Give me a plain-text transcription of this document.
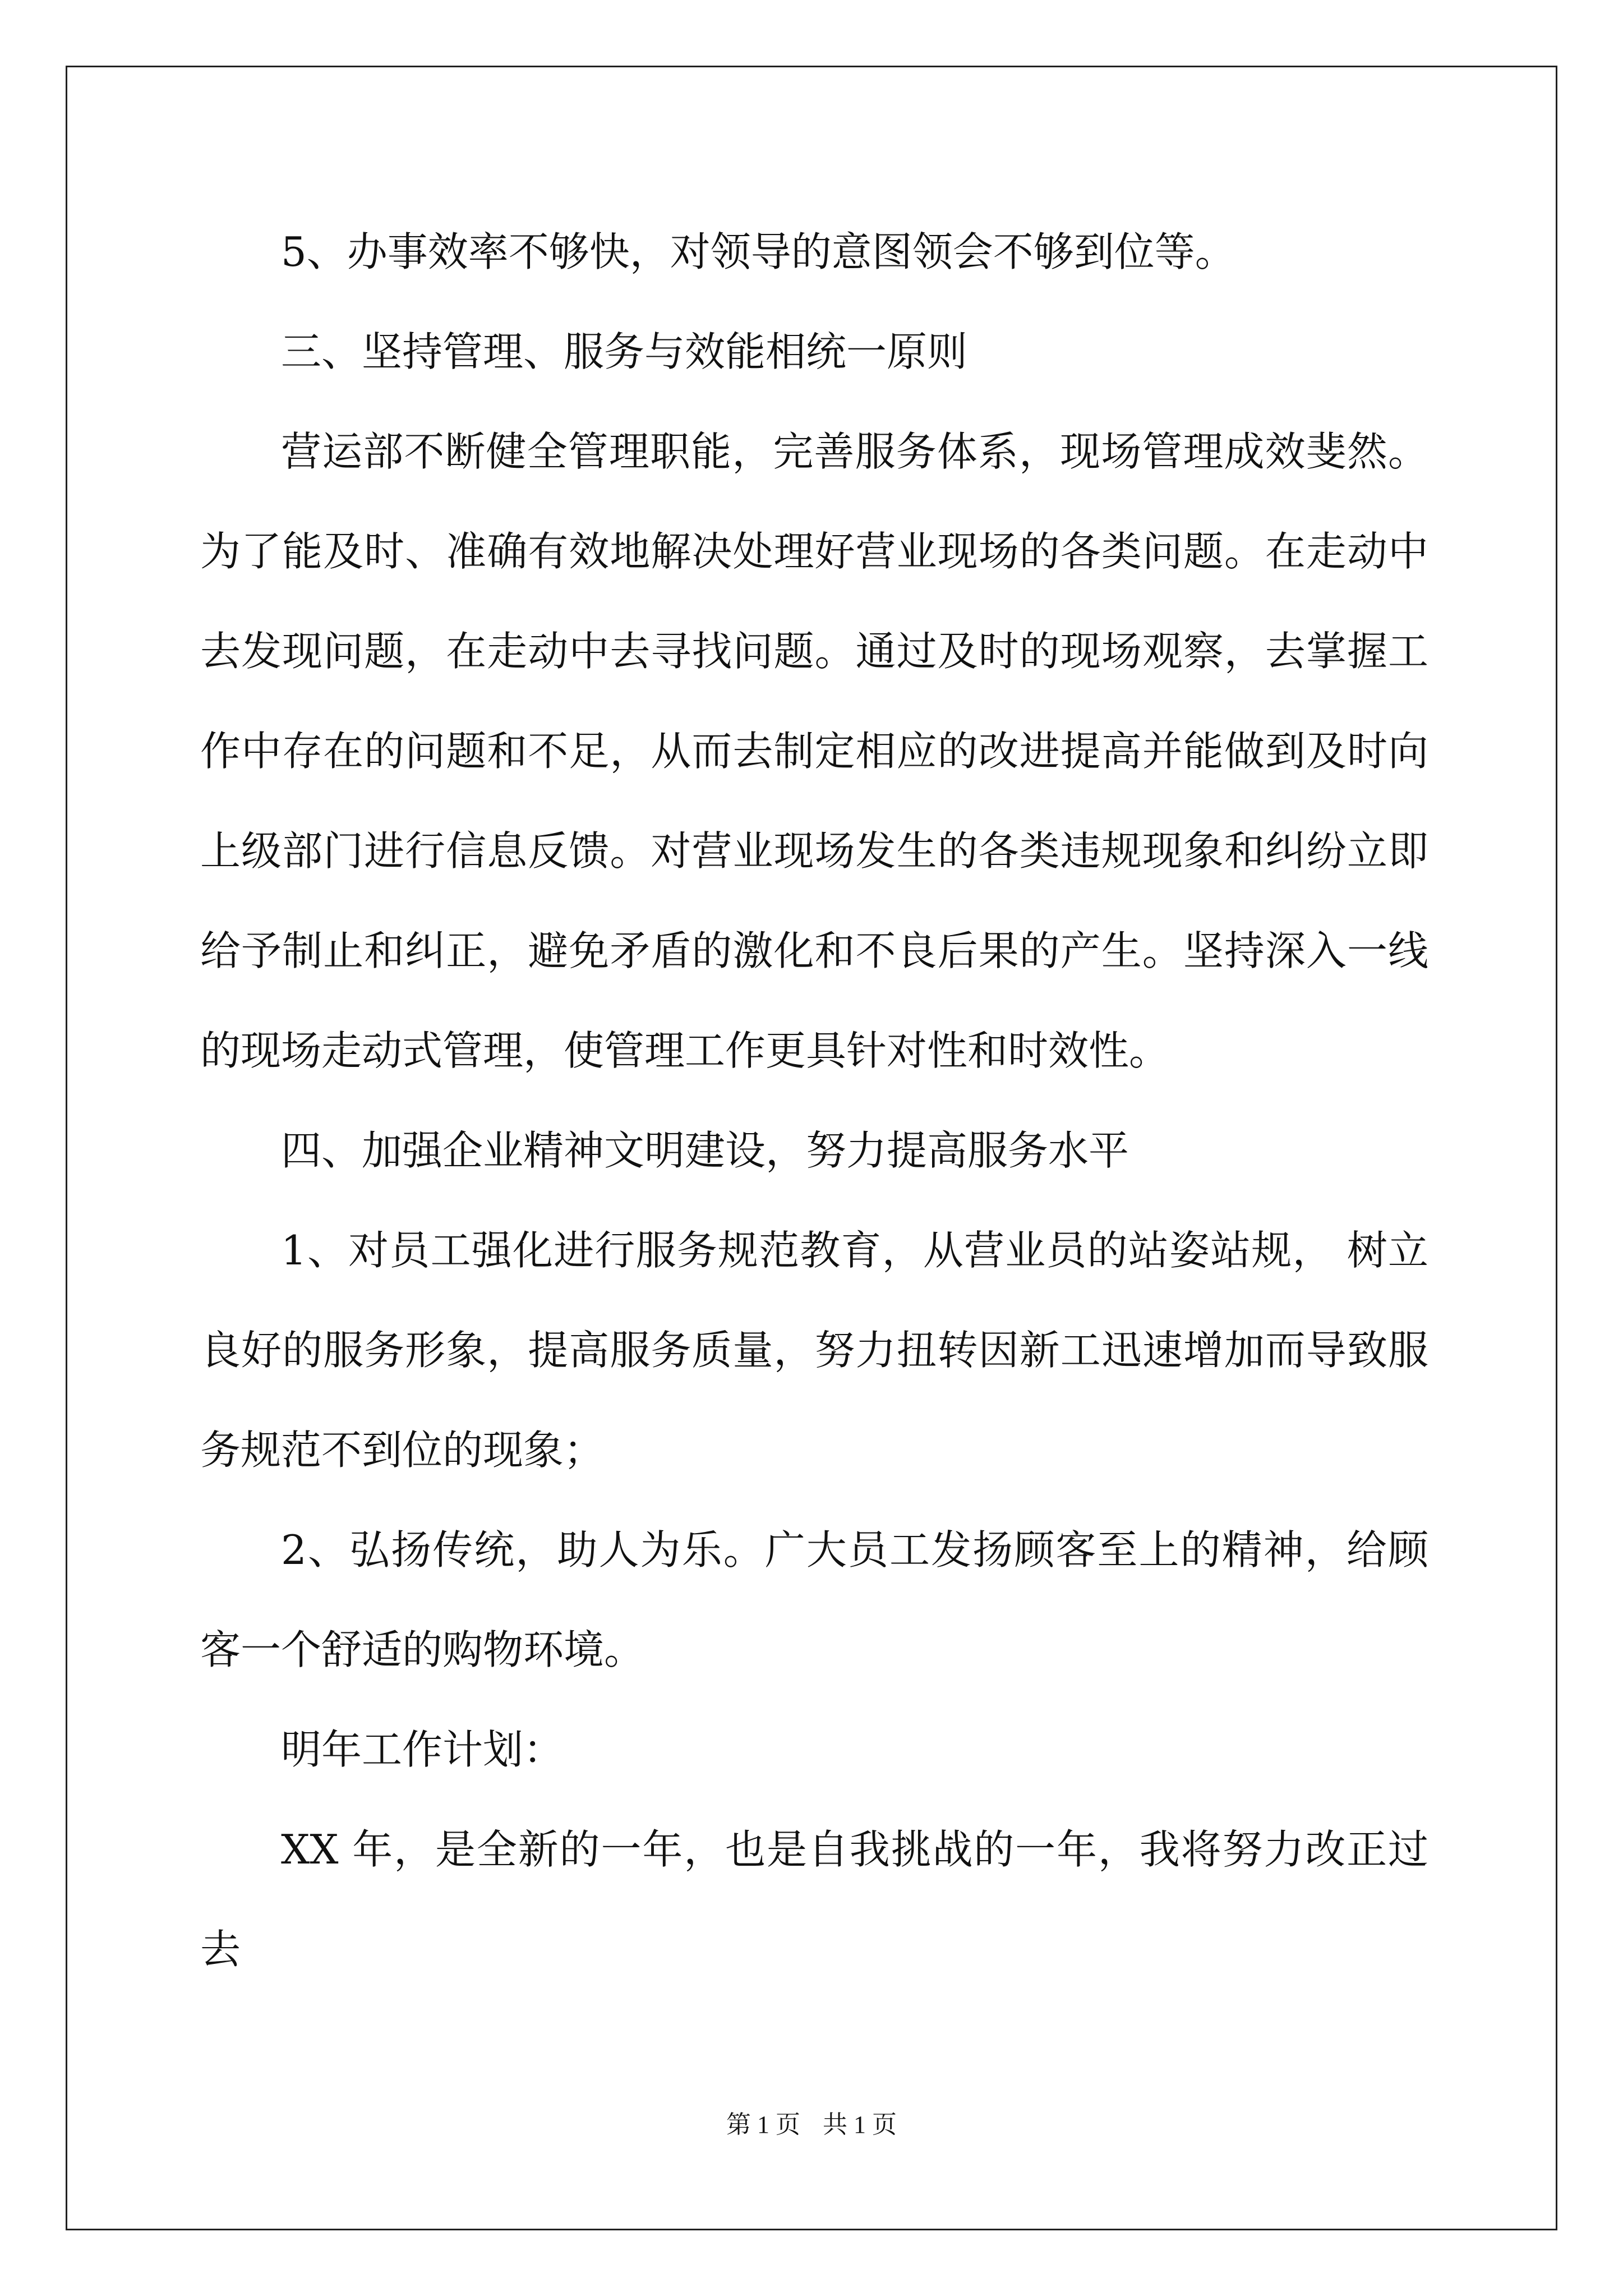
5、办事效率不够快，对领导的意图领会不够到位等。

三、坚持管理、服务与效能相统一原则

营运部不断健全管理职能，完善服务体系，现场管理成效斐然。为了能及时、准确有效地解决处理好营业现场的各类问题。在走动中去发现问题，在走动中去寻找问题。通过及时的现场观察，去掌握工作中存在的问题和不足，从而去制定相应的改进提高并能做到及时向上级部门进行信息反馈。对营业现场发生的各类违规现象和纠纷立即给予制止和纠正，避免矛盾的激化和不良后果的产生。坚持深入一线的现场走动式管理，使管理工作更具针对性和时效性。

四、加强企业精神文明建设，努力提高服务水平

1、对员工强化进行服务规范教育，从营业员的站姿站规， 树立良好的服务形象，提高服务质量，努力扭转因新工迅速增加而导致服务规范不到位的现象；

2、弘扬传统，助人为乐。广大员工发扬顾客至上的精神，给顾客一个舒适的购物环境。

明年工作计划：

XX 年，是全新的一年，也是自我挑战的一年，我将努力改正过去

第 1 页 共 1 页
